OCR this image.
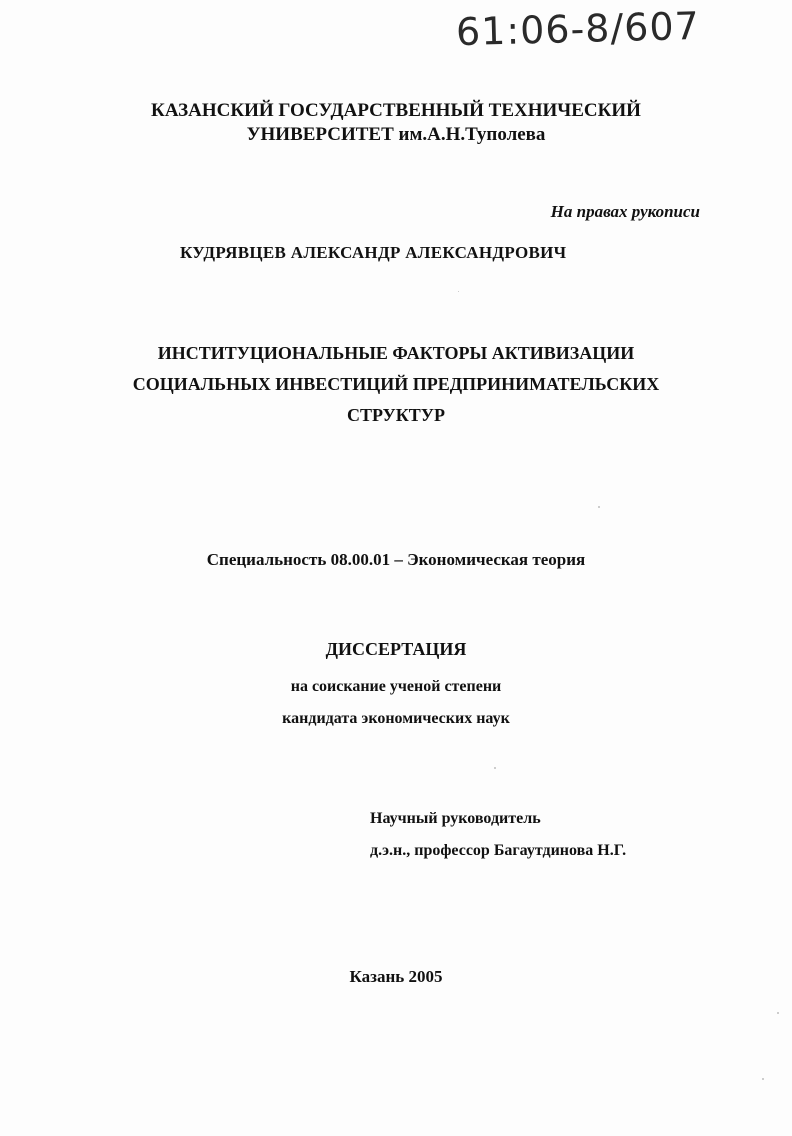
61:06-8/607
КАЗАНСКИЙ ГОСУДАРСТВЕННЫЙ ТЕХНИЧЕСКИЙ
УНИВЕРСИТЕТ им.А.Н.Туполева
На правах рукописи
КУДРЯВЦЕВ АЛЕКСАНДР АЛЕКСАНДРОВИЧ
ИНСТИТУЦИОНАЛЬНЫЕ ФАКТОРЫ АКТИВИЗАЦИИ
СОЦИАЛЬНЫХ ИНВЕСТИЦИЙ ПРЕДПРИНИМАТЕЛЬСКИХ
СТРУКТУР
Специальность 08.00.01 – Экономическая теория
ДИССЕРТАЦИЯ
на соискание ученой степени
кандидата экономических наук
Научный руководитель
д.э.н., профессор Багаутдинова Н.Г.
Казань 2005
